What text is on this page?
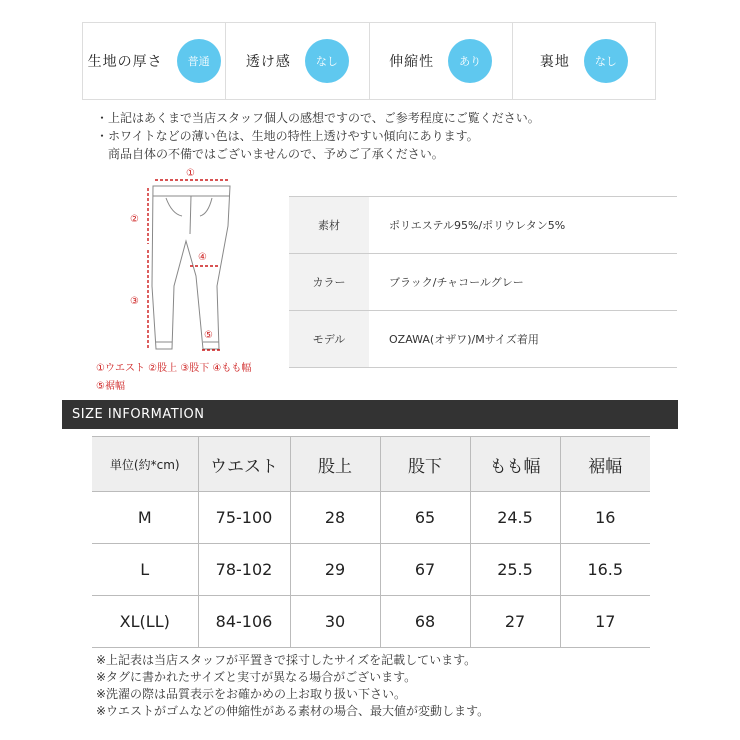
生地の厚さ	普通	透け感	なし	伸縮性	あり	裏地	なし
・上記はあくまで当店スタッフ個人の感想ですので、ご参考程度にご覧ください。
・ホワイトなどの薄い色は、生地の特性上透けやすい傾向にあります。
商品自体の不備ではございませんので、予めご了承ください。
①
②
③
④
⑤
①ウエスト ②股上 ③股下 ④もも幅
⑤裾幅
素材	ポリエステル95%/ポリウレタン5%
カラー	ブラック/チャコールグレー
モデル	OZAWA(オザワ)/Mサイズ着用
SIZE INFORMATION
単位(約*cm)	ウエスト	股上	股下	もも幅	裾幅
M	75-100	28	65	24.5	16
L	78-102	29	67	25.5	16.5
XL(LL)	84-106	30	68	27	17
※上記表は当店スタッフが平置きで採寸したサイズを記載しています。
※タグに書かれたサイズと実寸が異なる場合がございます。
※洗濯の際は品質表示をお確かめの上お取り扱い下さい。
※ウエストがゴムなどの伸縮性がある素材の場合、最大値が変動します。
